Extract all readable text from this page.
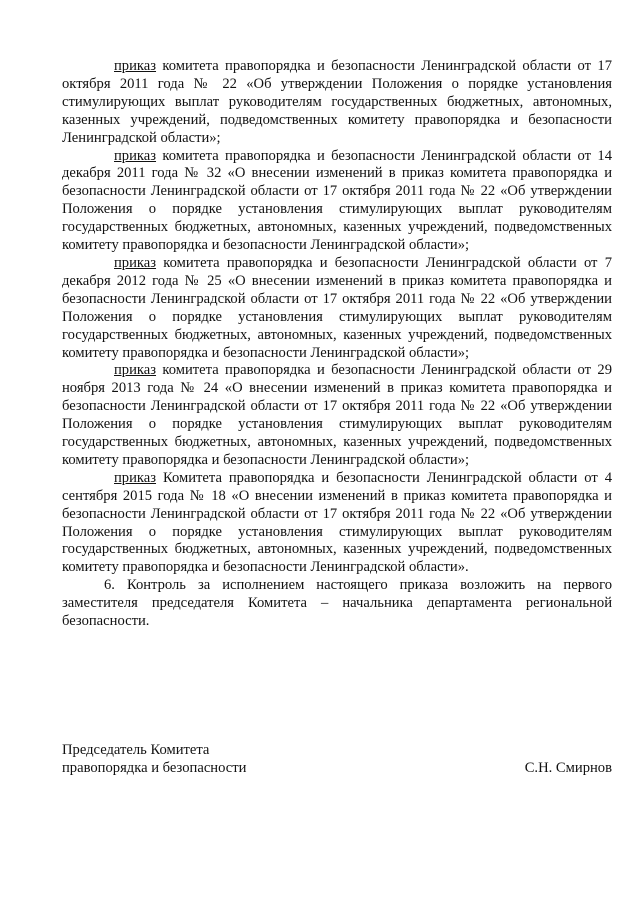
приказ комитета правопорядка и безопасности Ленинградской области от 17 октября 2011 года № 22 «Об утверждении Положения о порядке установления стимулирующих выплат руководителям государственных бюджетных, автономных, казенных учреждений, подведомственных комитету правопорядка и безопасности Ленинградской области»;

приказ комитета правопорядка и безопасности Ленинградской области от 14 декабря 2011 года № 32 «О внесении изменений в приказ комитета правопорядка и безопасности Ленинградской области от 17 октября 2011 года № 22 «Об утверждении Положения о порядке установления стимулирующих выплат руководителям государственных бюджетных, автономных, казенных учреждений, подведомственных комитету правопорядка и безопасности Ленинградской области»;

приказ комитета правопорядка и безопасности Ленинградской области от 7 декабря 2012 года № 25 «О внесении изменений в приказ комитета правопорядка и безопасности Ленинградской области от 17 октября 2011 года № 22 «Об утверждении Положения о порядке установления стимулирующих выплат руководителям государственных бюджетных, автономных, казенных учреждений, подведомственных комитету правопорядка и безопасности Ленинградской области»;

приказ комитета правопорядка и безопасности Ленинградской области от 29 ноября 2013 года № 24 «О внесении изменений в приказ комитета правопорядка и безопасности Ленинградской области от 17 октября 2011 года № 22 «Об утверждении Положения о порядке установления стимулирующих выплат руководителям государственных бюджетных, автономных, казенных учреждений, подведомственных комитету правопорядка и безопасности Ленинградской области»;

приказ Комитета правопорядка и безопасности Ленинградской области от 4 сентября 2015 года № 18 «О внесении изменений в приказ комитета правопорядка и безопасности Ленинградской области от 17 октября 2011 года № 22 «Об утверждении Положения о порядке установления стимулирующих выплат руководителям государственных бюджетных, автономных, казенных учреждений, подведомственных комитету правопорядка и безопасности Ленинградской области».

6. Контроль за исполнением настоящего приказа возложить на первого заместителя председателя Комитета – начальника департамента региональной безопасности.

Председатель Комитета
правопорядка и безопасности	С.Н. Смирнов
